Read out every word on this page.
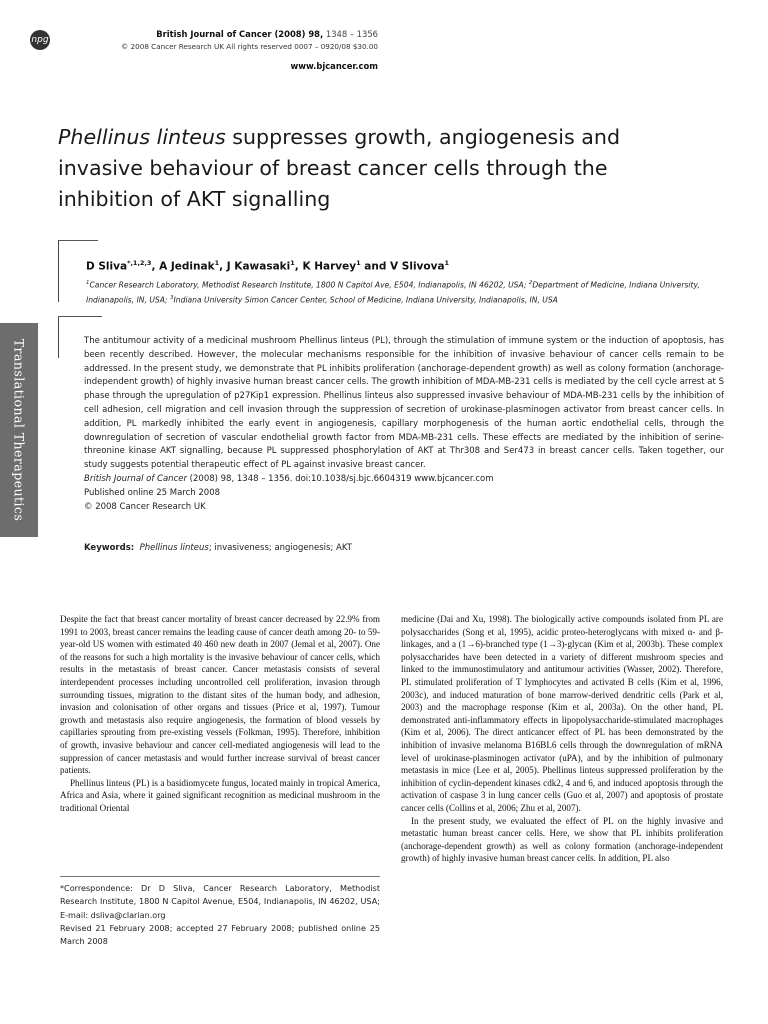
npg
British Journal of Cancer (2008) 98, 1348 – 1356
© 2008 Cancer Research UK All rights reserved 0007 – 0920/08 $30.00
www.bjcancer.com
Phellinus linteus suppresses growth, angiogenesis and invasive behaviour of breast cancer cells through the inhibition of AKT signalling
D Sliva$^{*,1,2,3}$, A Jedinak$^1$, J Kawasaki$^1$, K Harvey$^1$ and V Slivova$^1$
$^1$Cancer Research Laboratory, Methodist Research Institute, 1800 N Capitol Ave, E504, Indianapolis, IN 46202, USA; $^2$Department of Medicine, Indiana University, Indianapolis, IN, USA; $^3$Indiana University Simon Cancer Center, School of Medicine, Indiana University, Indianapolis, IN, USA
Translational Therapeutics	The antitumour activity of a medicinal mushroom Phellinus linteus (PL), through the stimulation of immune system or the induction of apoptosis, has been recently described. However, the molecular mechanisms responsible for the inhibition of invasive behaviour of cancer cells remain to be addressed. In the present study, we demonstrate that PL inhibits proliferation (anchorage-dependent growth) as well as colony formation (anchorage-independent growth) of highly invasive human breast cancer cells. The growth inhibition of MDA-MB-231 cells is mediated by the cell cycle arrest at S phase through the upregulation of p27Kip1 expression. Phellinus linteus also suppressed invasive behaviour of MDA-MB-231 cells by the inhibition of cell adhesion, cell migration and cell invasion through the suppression of secretion of urokinase-plasminogen activator from breast cancer cells. In addition, PL markedly inhibited the early event in angiogenesis, capillary morphogenesis of the human aortic endothelial cells, through the downregulation of secretion of vascular endothelial growth factor from MDA-MB-231 cells. These effects are mediated by the inhibition of serine-threonine kinase AKT signalling, because PL suppressed phosphorylation of AKT at Thr308 and Ser473 in breast cancer cells. Taken together, our study suggests potential therapeutic effect of PL against invasive breast cancer.

British Journal of Cancer (2008) 98, 1348 – 1356. doi:10.1038/sj.bjc.6604319 www.bjcancer.com

Published online 25 March 2008

© 2008 Cancer Research UK

Keywords: Phellinus linteus; invasiveness; angiogenesis; AKT

Despite the fact that breast cancer mortality of breast cancer decreased by 22.9% from 1991 to 2003, breast cancer remains the leading cause of cancer death among 20- to 59-year-old US women with estimated 40 460 new death in 2007 (Jemal et al, 2007). One of the reasons for such a high mortality is the invasive behaviour of cancer cells, which results in the metastasis of breast cancer. Cancer metastasis consists of several interdependent processes including uncontrolled cell proliferation, invasion through surrounding tissues, migration to the distant sites of the human body, and adhesion, invasion and colonisation of other organs and tissues (Price et al, 1997). Tumour growth and metastasis also require angiogenesis, the formation of blood vessels by capillaries sprouting from pre-existing vessels (Folkman, 1995). Therefore, inhibition of growth, invasive behaviour and cancer cell-mediated angiogenesis will lead to the suppression of cancer metastasis and would further increase survival of breast cancer patients.

Phellinus linteus (PL) is a basidiomycete fungus, located mainly in tropical America, Africa and Asia, where it gained significant recognition as medicinal mushroom in the traditional Oriental

medicine (Dai and Xu, 1998). The biologically active compounds isolated from PL are polysaccharides (Song et al, 1995), acidic proteo-heteroglycans with mixed α- and β-linkages, and a (1→6)-branched type (1→3)-glycan (Kim et al, 2003b). These complex polysaccharides have been detected in a variety of different mushroom species and linked to the immunostimulatory and antitumour activities (Wasser, 2002). Therefore, PL stimulated proliferation of T lymphocytes and activated B cells (Kim et al, 1996, 2003c), and induced maturation of bone marrow-derived dendritic cells (Park et al, 2003) and the macrophage response (Kim et al, 2003a). On the other hand, PL demonstrated anti-inflammatory effects in lipopolysaccharide-stimulated macrophages (Kim et al, 2006). The direct anticancer effect of PL has been demonstrated by the inhibition of invasive melanoma B16BL6 cells through the downregulation of mRNA level of urokinase-plasminogen activator (uPA), and by the inhibition of pulmonary metastasis in mice (Lee et al, 2005). Phellinus linteus suppressed proliferation by the inhibition of cyclin-dependent kinases cdk2, 4 and 6, and induced apoptosis through the activation of caspase 3 in lung cancer cells (Guo et al, 2007) and apoptosis of prostate cancer cells (Collins et al, 2006; Zhu et al, 2007).

In the present study, we evaluated the effect of PL on the highly invasive and metastatic human breast cancer cells. Here, we show that PL inhibits proliferation (anchorage-dependent growth) as well as colony formation (anchorage-independent growth) of highly invasive human breast cancer cells. In addition, PL also

*Correspondence: Dr D Sliva, Cancer Research Laboratory, Methodist Research Institute, 1800 N Capitol Avenue, E504, Indianapolis, IN 46202, USA; E-mail: dsliva@clarian.org

Revised 21 February 2008; accepted 27 February 2008; published online 25 March 2008
